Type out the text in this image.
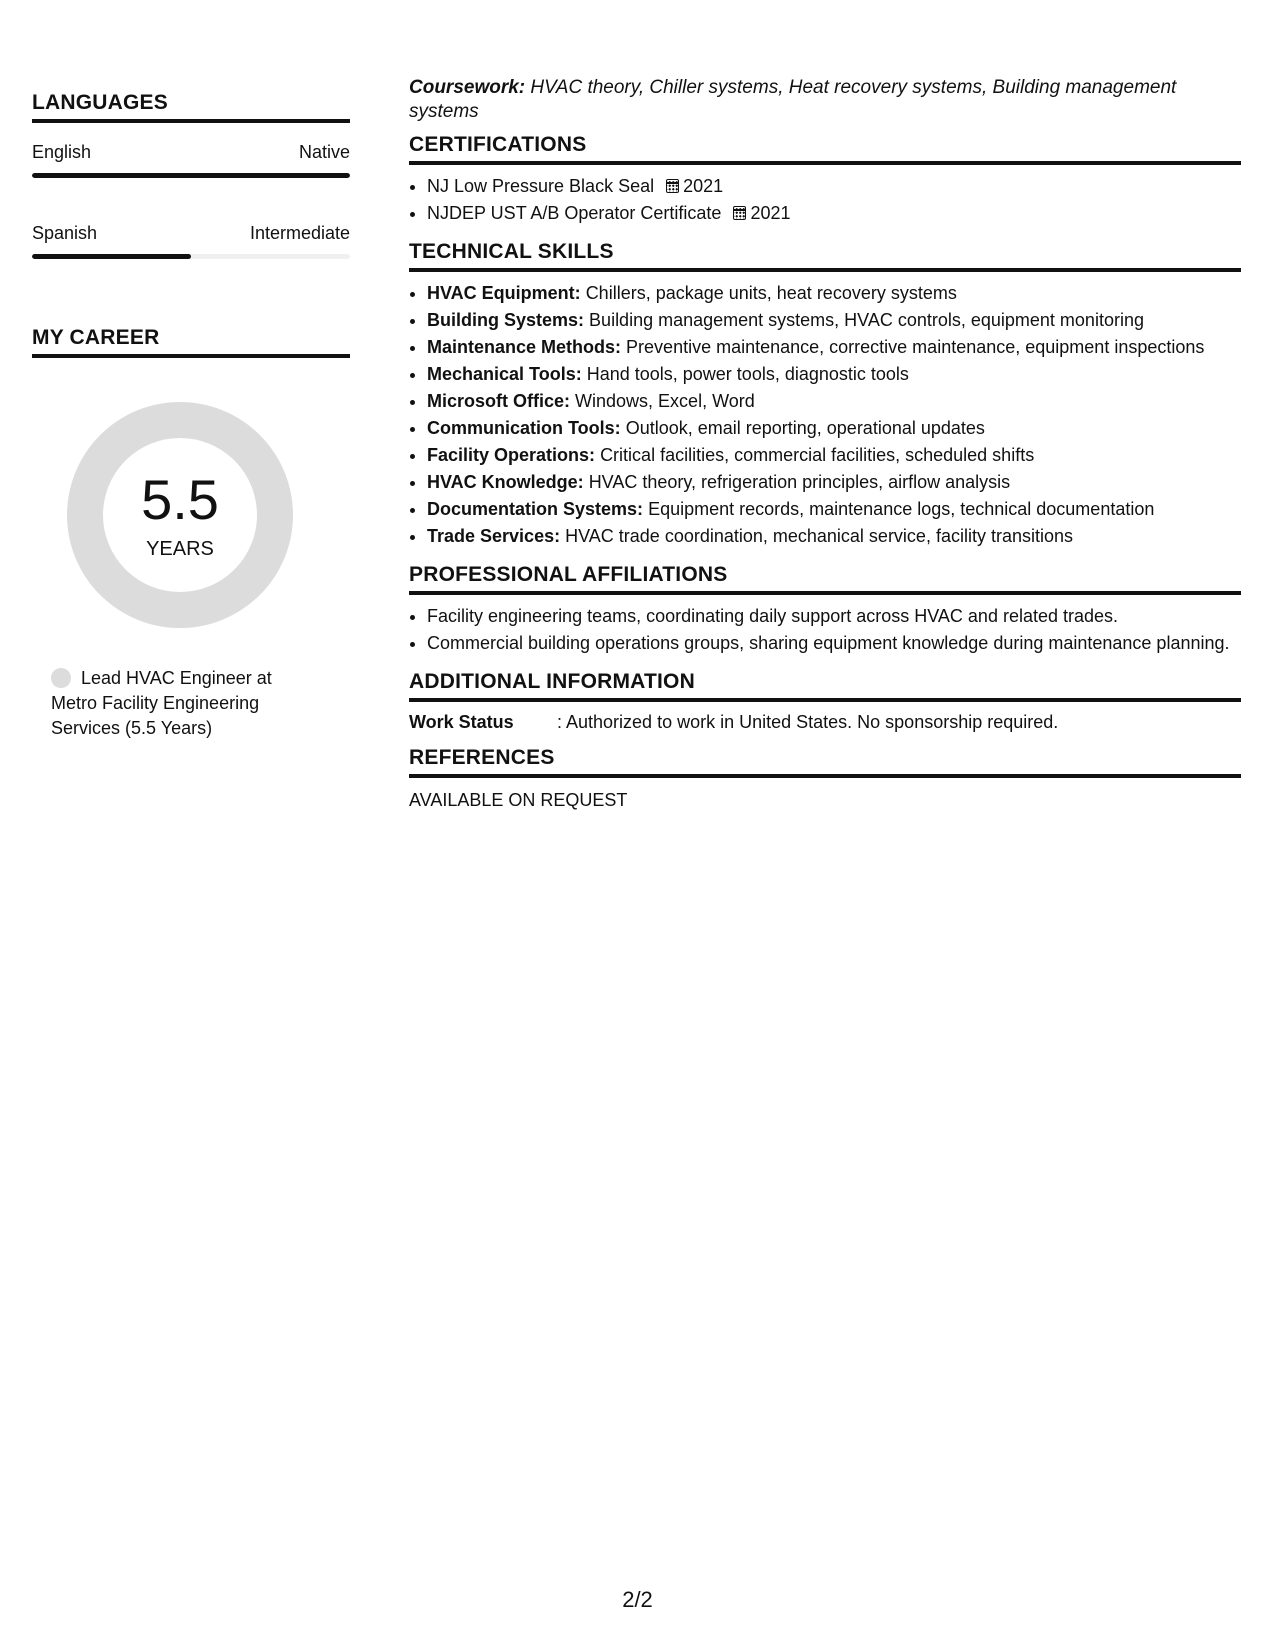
LANGUAGES
English	Native
Spanish	Intermediate
MY CAREER
5.5
YEARS
Lead HVAC Engineer at Metro Facility Engineering Services (5.5 Years)

Coursework: HVAC theory, Chiller systems, Heat recovery systems, Building management systems

CERTIFICATIONS
• NJ Low Pressure Black Seal 2021
• NJDEP UST A/B Operator Certificate 2021
TECHNICAL SKILLS
• HVAC Equipment: Chillers, package units, heat recovery systems
• Building Systems: Building management systems, HVAC controls, equipment monitoring
• Maintenance Methods: Preventive maintenance, corrective maintenance, equipment inspections
• Mechanical Tools: Hand tools, power tools, diagnostic tools
• Microsoft Office: Windows, Excel, Word
• Communication Tools: Outlook, email reporting, operational updates
• Facility Operations: Critical facilities, commercial facilities, scheduled shifts
• HVAC Knowledge: HVAC theory, refrigeration principles, airflow analysis
• Documentation Systems: Equipment records, maintenance logs, technical documentation
• Trade Services: HVAC trade coordination, mechanical service, facility transitions
PROFESSIONAL AFFILIATIONS
• Facility engineering teams, coordinating daily support across HVAC and related trades.
• Commercial building operations groups, sharing equipment knowledge during maintenance planning.
ADDITIONAL INFORMATION
Work Status	: Authorized to work in United States. No sponsorship required.
REFERENCES
AVAILABLE ON REQUEST
2/2
